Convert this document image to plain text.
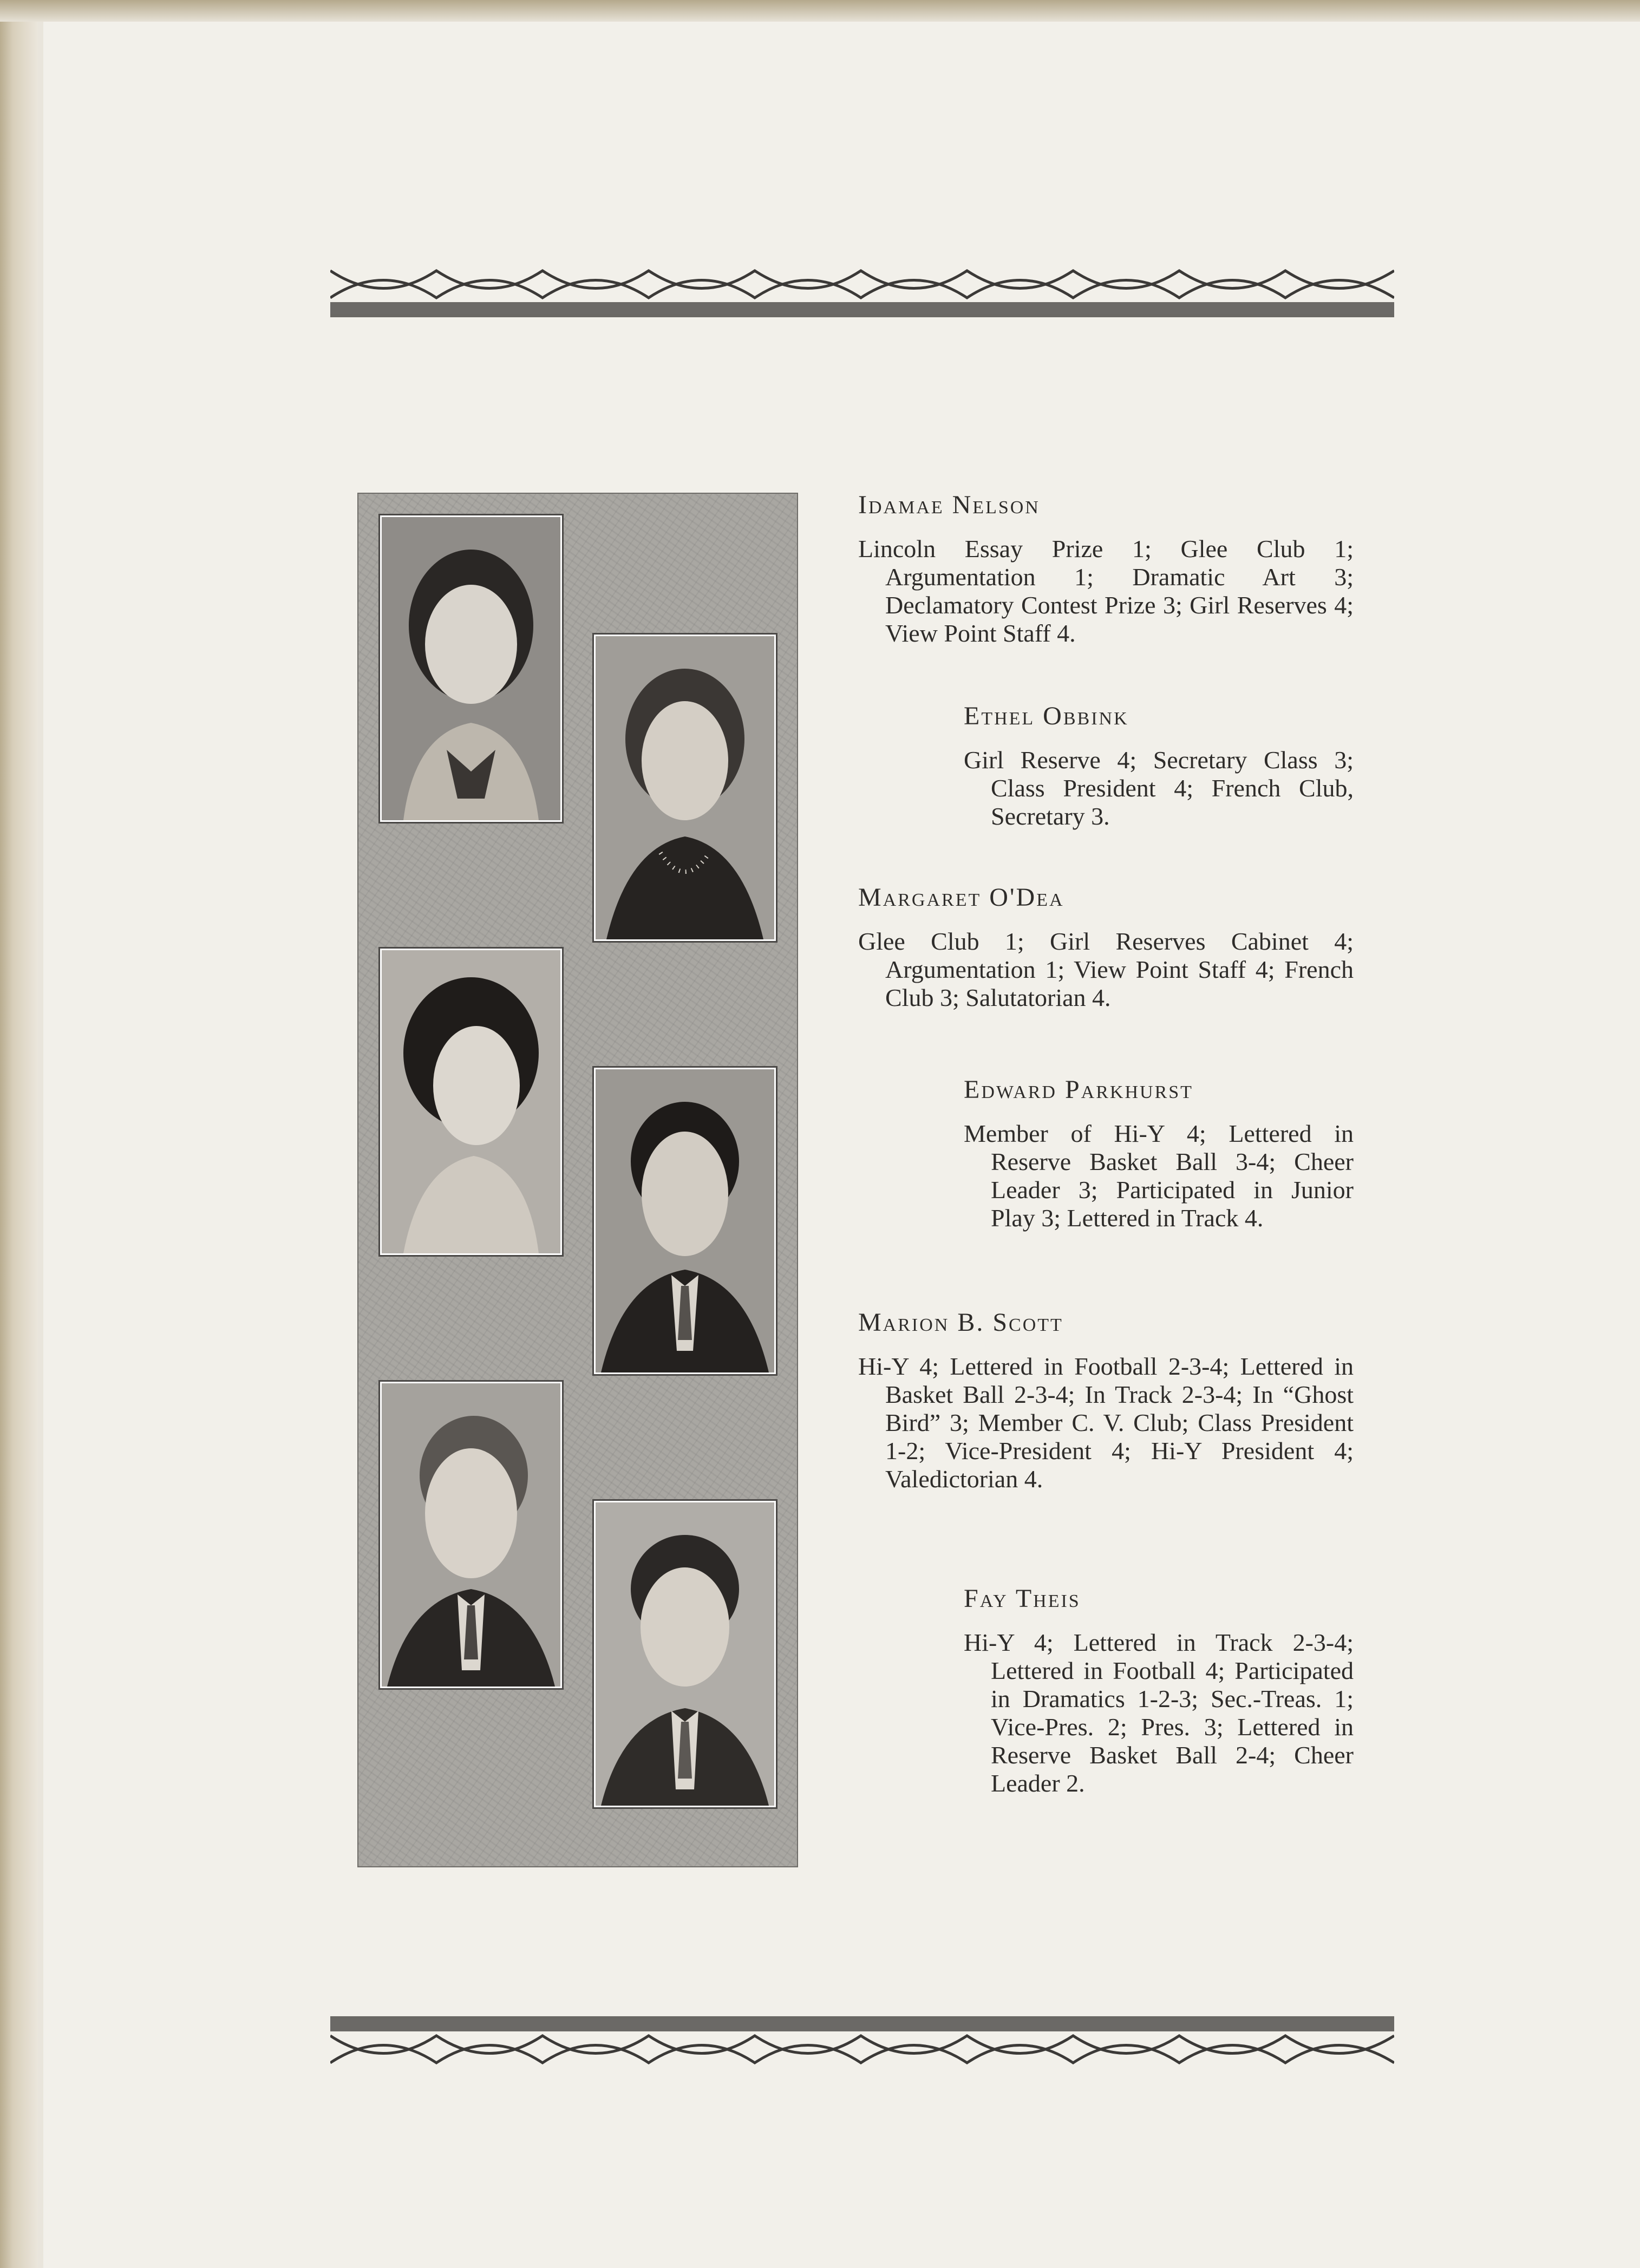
Idamae Nelson

Lincoln Essay Prize 1; Glee Club 1; Argumentation 1; Dramatic Art 3; Declamatory Contest Prize 3; Girl Reserves 4; View Point Staff 4.

Ethel Obbink

Girl Reserve 4; Secretary Class 3; Class President 4; French Club, Secretary 3.

Margaret O'Dea

Glee Club 1; Girl Reserves Cabinet 4; Argumentation 1; View Point Staff 4; French Club 3; Salutatorian 4.

Edward Parkhurst

Member of Hi-Y 4; Lettered in Reserve Basket Ball 3-4; Cheer Leader 3; Participated in Junior Play 3; Lettered in Track 4.

Marion B. Scott

Hi-Y 4; Lettered in Football 2-3-4; Lettered in Basket Ball 2-3-4; In Track 2-3-4; In “Ghost Bird” 3; Member C. V. Club; Class President 1-2; Vice-President 4; Hi-Y President 4; Valedictorian 4.

Fay Theis

Hi-Y 4; Lettered in Track 2-3-4; Lettered in Football 4; Participated in Dramatics 1-2-3; Sec.-Treas. 1; Vice-Pres. 2; Pres. 3; Lettered in Reserve Basket Ball 2-4; Cheer Leader 2.
